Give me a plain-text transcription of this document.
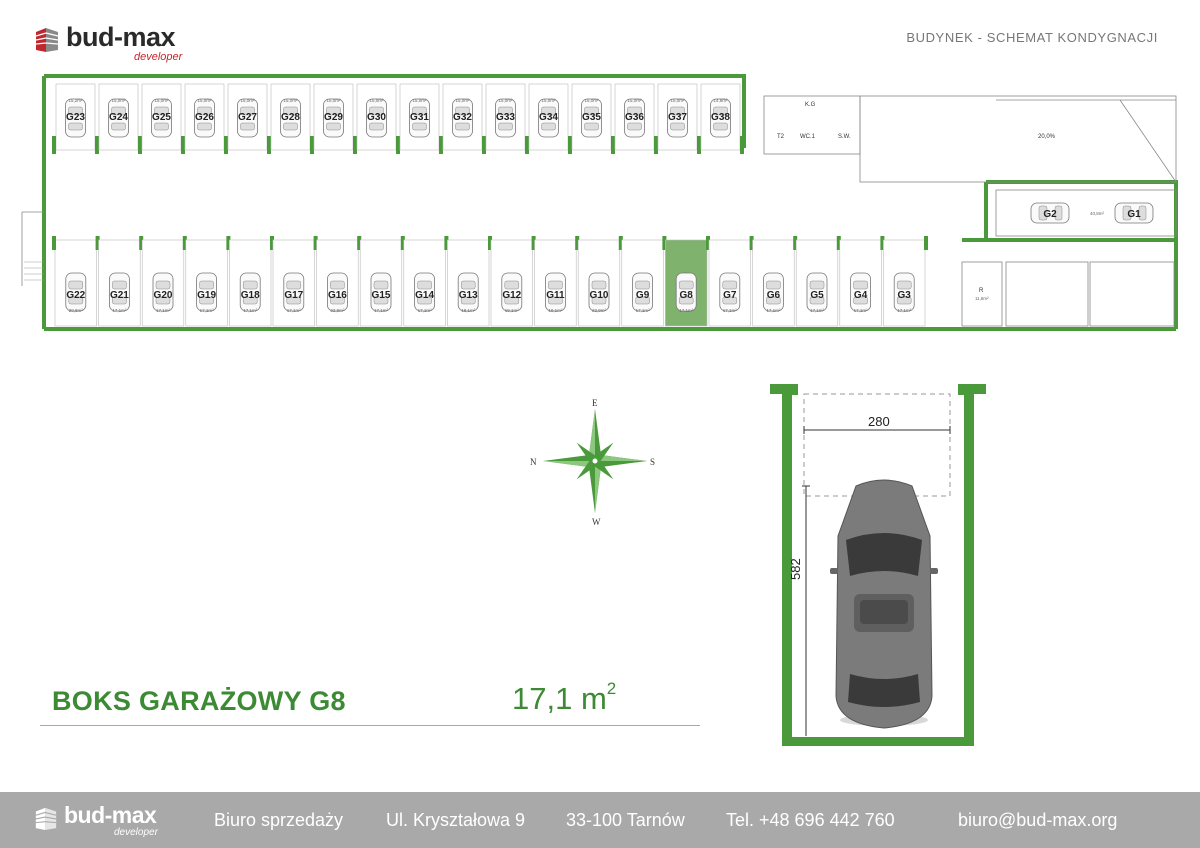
bud-max
developer
BUDYNEK - SCHEMAT KONDYGNACJI
15,2m²
G23
15,0m²
G24
15,0m²
G25
15,0m²
G26
15,0m²
G27
15,0m²
G28
15,0m²
G29
15,0m²
G30
15,0m²
G31
15,0m²
G32
15,0m²
G33
15,0m²
G34
15,0m²
G35
15,0m²
G36
15,0m²
G37
14,8m²
G38
G22
20,8m²
G21
17,1m²
G20
17,1m²
G19
17,1m²
G18
17,1m²
G17
17,1m²
G16
22,9m²
G15
17,1m²
G14
17,1m²
G13
18,1m²
G12
19,1m²
G11
19,1m²
G10
22,9m²
G9
17,1m²
G8
17,1m²
G7
17,1m²
G6
17,1m²
G5
17,1m²
G4
17,1m²
G3
17,1m²
K.G
T2	WC.1	S.W.	20,0%
R
11,8m²
G2	40,8m² G1
E
W
N	S
280
582
BOKS GARAŻOWY G8	17,1 $m^2$
bud-max
developer
Biuro sprzedaży Ul. Kryształowa 9 33-100 Tarnów Tel. +48 696 442 760	biuro@bud-max.org
